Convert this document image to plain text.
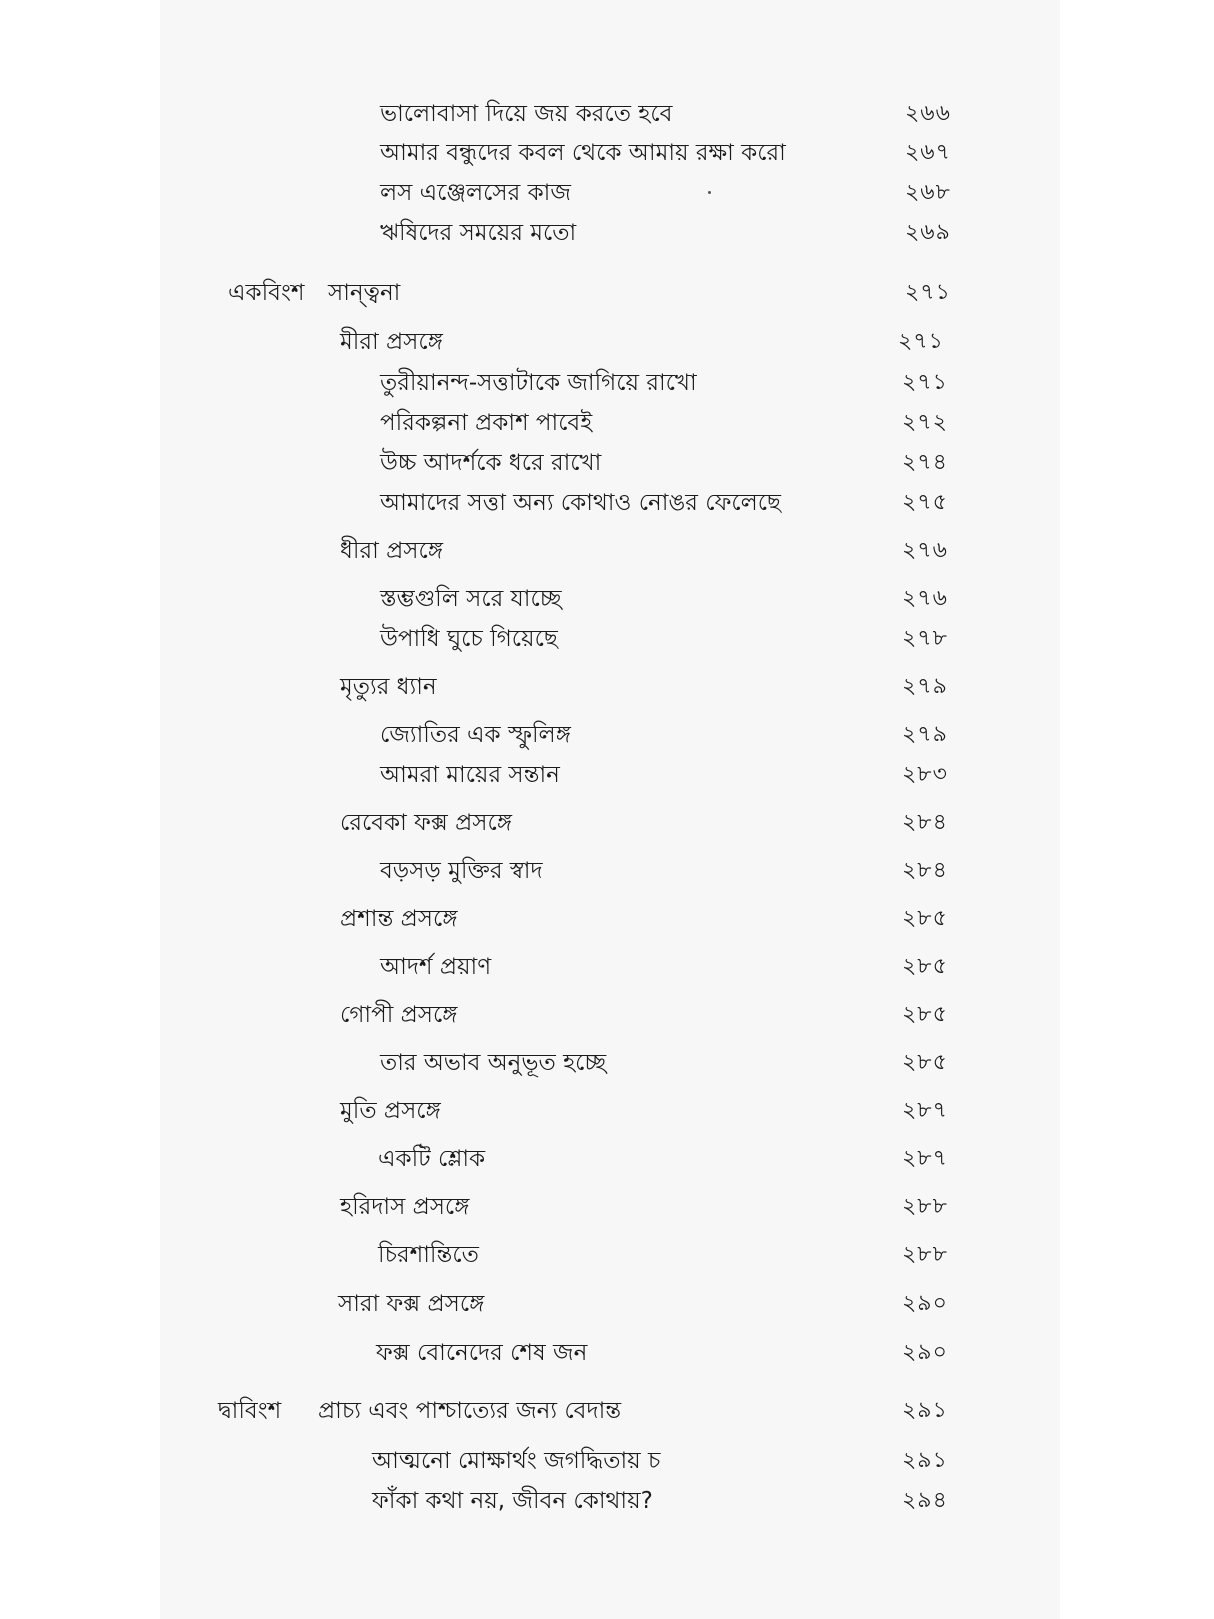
ভালোবাসা দিয়ে জয় করতে হবে	২৬৬
আমার বন্ধুদের কবল থেকে আমায় রক্ষা করো	২৬৭
লস এঞ্জেলসের কাজ	২৬৮
ঋষিদের সময়ের মতো	২৬৯
একবিংশ সান্ত্বনা	২৭১
মীরা প্রসঙ্গে	২৭১
তুরীয়ানন্দ-সত্তাটাকে জাগিয়ে রাখো	২৭১
পরিকল্পনা প্রকাশ পাবেই	২৭২
উচ্চ আদর্শকে ধরে রাখো	২৭৪
আমাদের সত্তা অন্য কোথাও নোঙর ফেলেছে	২৭৫
ধীরা প্রসঙ্গে	২৭৬
স্তম্ভগুলি সরে যাচ্ছে	২৭৬
উপাধি ঘুচে গিয়েছে	২৭৮
মৃত্যুর ধ্যান	২৭৯
জ্যোতির এক স্ফুলিঙ্গ	২৭৯
আমরা মায়ের সন্তান	২৮৩
রেবেকা ফক্স প্রসঙ্গে	২৮৪
বড়সড় মুক্তির স্বাদ	২৮৪
প্রশান্ত প্রসঙ্গে	২৮৫
আদর্শ প্রয়াণ	২৮৫
গোপী প্রসঙ্গে	২৮৫
তার অভাব অনুভূত হচ্ছে	২৮৫
মুতি প্রসঙ্গে	২৮৭
একটি শ্লোক	২৮৭
হরিদাস প্রসঙ্গে	২৮৮
চিরশান্তিতে	২৮৮
সারা ফক্স প্রসঙ্গে	২৯০
ফক্স বোনেদের শেষ জন	২৯০
দ্বাবিংশ প্রাচ্য এবং পাশ্চাত্যের জন্য বেদান্ত	২৯১
আত্মনো মোক্ষার্থং জগদ্ধিতায় চ	২৯১
ফাঁকা কথা নয়, জীবন কোথায়?	২৯৪
